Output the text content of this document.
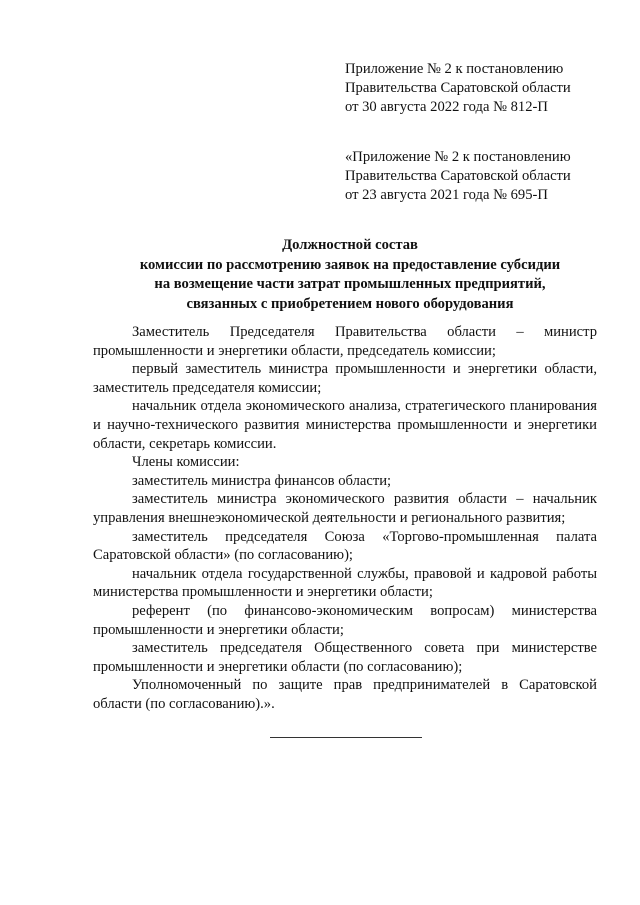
Приложение № 2 к постановлению
Правительства Саратовской области
от 30 августа 2022 года № 812-П
«Приложение № 2 к постановлению
Правительства Саратовской области
от 23 августа 2021 года № 695-П
Должностной состав
комиссии по рассмотрению заявок на предоставление субсидии
на возмещение части затрат промышленных предприятий,
связанных с приобретением нового оборудования

Заместитель Председателя Правительства области – министр промышленности и энергетики области, председатель комиссии;

первый заместитель министра промышленности и энергетики области, заместитель председателя комиссии;

начальник отдела экономического анализа, стратегического планирования и научно-технического развития министерства промышленности и энергетики области, секретарь комиссии.

Члены комиссии:

заместитель министра финансов области;

заместитель министра экономического развития области – начальник управления внешнеэкономической деятельности и регионального развития;

заместитель председателя Союза «Торгово-промышленная палата Саратовской области» (по согласованию);

начальник отдела государственной службы, правовой и кадровой работы министерства промышленности и энергетики области;

референт (по финансово-экономическим вопросам) министерства промышленности и энергетики области;

заместитель председателя Общественного совета при министерстве промышленности и энергетики области (по согласованию);

Уполномоченный по защите прав предпринимателей в Саратовской области (по согласованию).».
